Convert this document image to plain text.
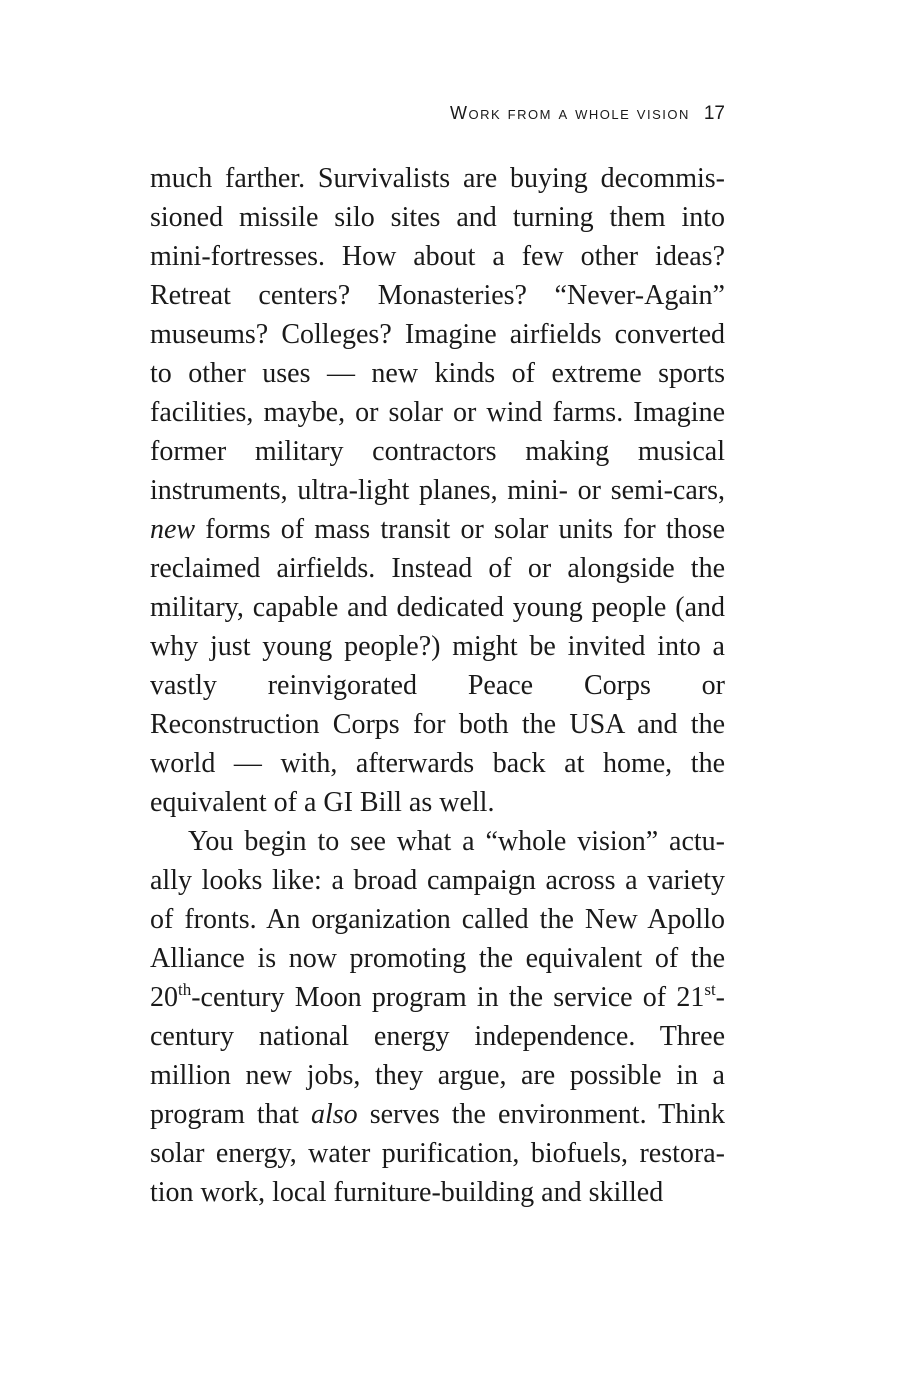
Work from a whole vision 17

much farther. Survivalists are buying decommissioned missile silo sites and turning them into mini-fortresses. How about a few other ideas? Retreat centers? Monasteries? “Never-Again” museums? Colleges? Imagine airfields converted to other uses — new kinds of extreme sports facilities, maybe, or solar or wind farms. Imagine former military contractors making musical instruments, ultra-light planes, mini- or semi-cars, new forms of mass transit or solar units for those reclaimed airfields. Instead of or alongside the military, capable and dedicated young people (and why just young people?) might be invited into a vastly reinvigorated Peace Corps or Reconstruction Corps for both the USA and the world — with, afterwards back at home, the equivalent of a GI Bill as well.

You begin to see what a “whole vision” actually looks like: a broad campaign across a variety of fronts. An organization called the New Apollo Alliance is now promoting the equivalent of the 20th-century Moon program in the service of 21st-century national energy independence. Three million new jobs, they argue, are possible in a program that also serves the environment. Think solar energy, water purification, biofuels, restoration work, local furniture-building and skilled
